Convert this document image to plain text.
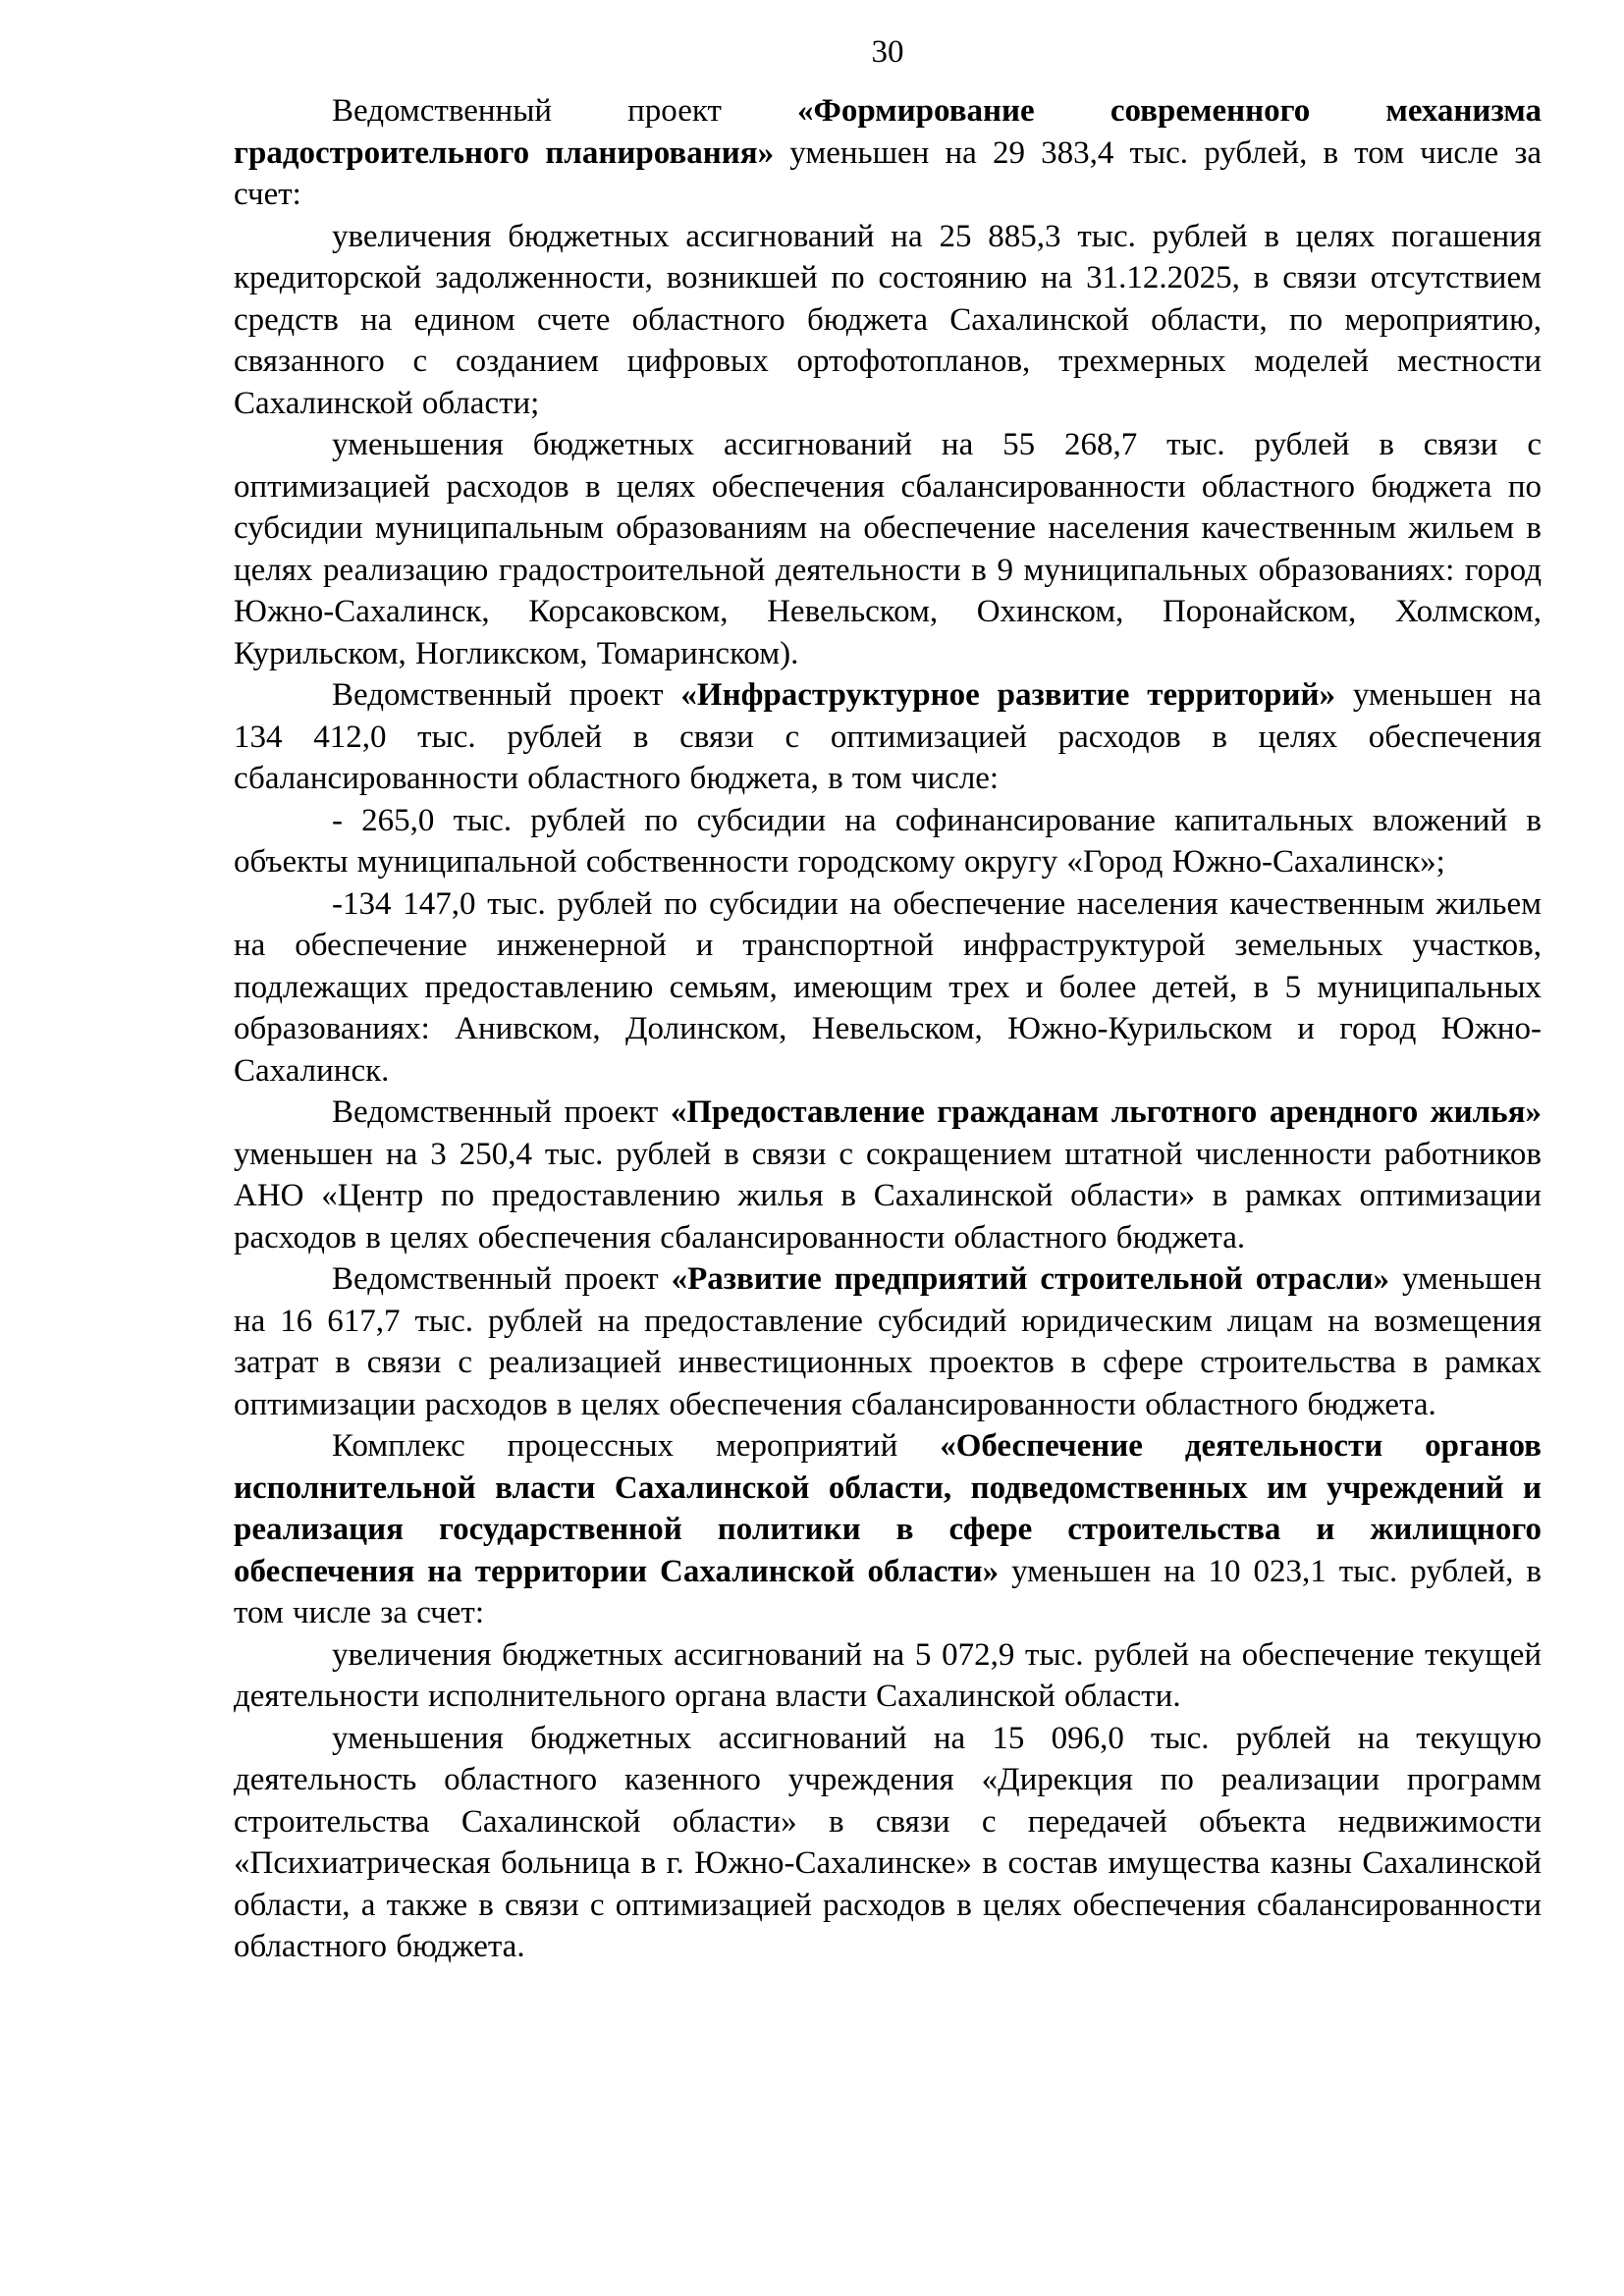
30

Ведомственный проект «Формирование современного механизма градостроительного планирования» уменьшен на 29 383,4 тыс. рублей, в том числе за счет:

увеличения бюджетных ассигнований на 25 885,3 тыс. рублей в целях погашения кредиторской задолженности, возникшей по состоянию на 31.12.2025, в связи отсутствием средств на едином счете областного бюджета Сахалинской области, по мероприятию, связанного с созданием цифровых ортофотопланов, трехмерных моделей местности Сахалинской области;

уменьшения бюджетных ассигнований на 55 268,7 тыс. рублей в связи с оптимизацией расходов в целях обеспечения сбалансированности областного бюджета по субсидии муниципальным образованиям на обеспечение населения качественным жильем в целях реализацию градостроительной деятельности в 9 муниципальных образованиях: город Южно-Сахалинск, Корсаковском, Невельском, Охинском, Поронайском, Холмском, Курильском, Ногликском, Томаринском).

Ведомственный проект «Инфраструктурное развитие территорий» уменьшен на 134 412,0 тыс. рублей в связи с оптимизацией расходов в целях обеспечения сбалансированности областного бюджета, в том числе:

- 265,0 тыс. рублей по субсидии на софинансирование капитальных вложений в объекты муниципальной собственности городскому округу «Город Южно-Сахалинск»;

-134 147,0 тыс. рублей по субсидии на обеспечение населения качественным жильем на обеспечение инженерной и транспортной инфраструктурой земельных участков, подлежащих предоставлению семьям, имеющим трех и более детей, в 5 муниципальных образованиях: Анивском, Долинском, Невельском, Южно-Курильском и город Южно-Сахалинск.

Ведомственный проект «Предоставление гражданам льготного арендного жилья» уменьшен на 3 250,4 тыс. рублей в связи с сокращением штатной численности работников АНО «Центр по предоставлению жилья в Сахалинской области» в рамках оптимизации расходов в целях обеспечения сбалансированности областного бюджета.

Ведомственный проект «Развитие предприятий строительной отрасли» уменьшен на 16 617,7 тыс. рублей на предоставление субсидий юридическим лицам на возмещения затрат в связи с реализацией инвестиционных проектов в сфере строительства в рамках оптимизации расходов в целях обеспечения сбалансированности областного бюджета.

Комплекс процессных мероприятий «Обеспечение деятельности органов исполнительной власти Сахалинской области, подведомственных им учреждений и реализация государственной политики в сфере строительства и жилищного обеспечения на территории Сахалинской области» уменьшен на 10 023,1 тыс. рублей, в том числе за счет:

увеличения бюджетных ассигнований на 5 072,9 тыс. рублей на обеспечение текущей деятельности исполнительного органа власти Сахалинской области.

уменьшения бюджетных ассигнований на 15 096,0 тыс. рублей на текущую деятельность областного казенного учреждения «Дирекция по реализации программ строительства Сахалинской области» в связи с передачей объекта недвижимости «Психиатрическая больница в г. Южно-Сахалинске» в состав имущества казны Сахалинской области, а также в связи с оптимизацией расходов в целях обеспечения сбалансированности областного бюджета.
